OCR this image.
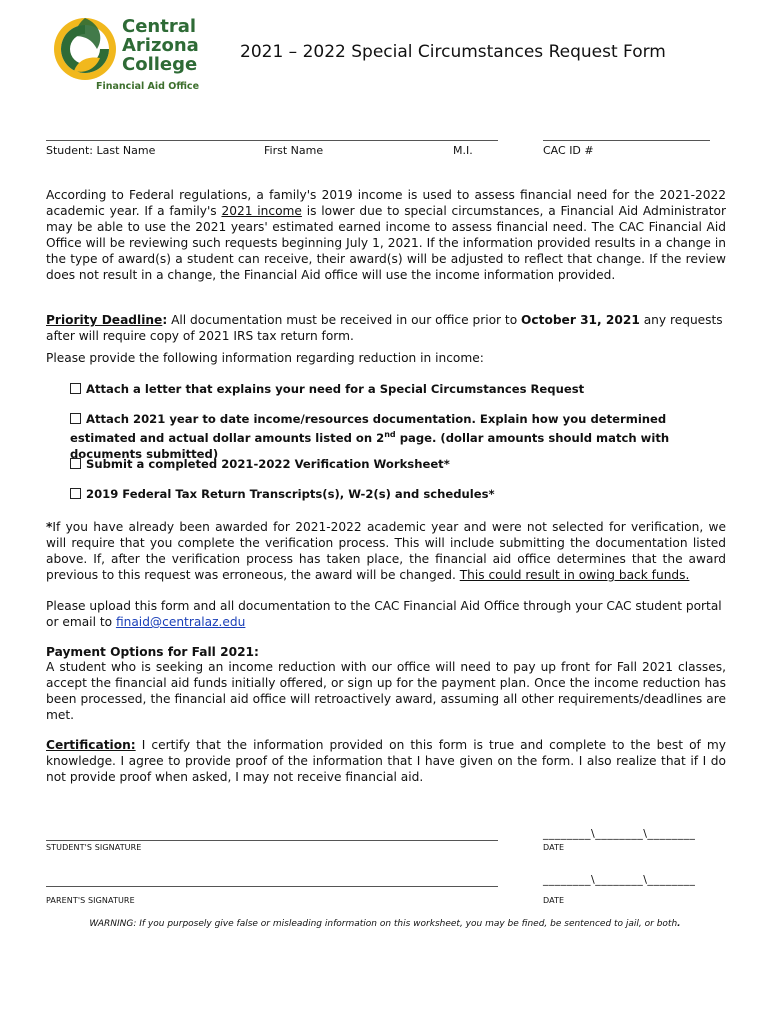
Central
Arizona
College
Financial Aid Office
2021 – 2022 Special Circumstances Request Form
Student: Last Name	First Name	M.I.	CAC ID #

According to Federal regulations, a family's 2019 income is used to assess financial need for the 2021-2022 academic year. If a family's 2021 income is lower due to special circumstances, a Financial Aid Administrator may be able to use the 2021 years' estimated earned income to assess financial need. The CAC Financial Aid Office will be reviewing such requests beginning July 1, 2021. If the information provided results in a change in the type of award(s) a student can receive, their award(s) will be adjusted to reflect that change. If the review does not result in a change, the Financial Aid office will use the income information provided.

Priority Deadline: All documentation must be received in our office prior to October 31, 2021 any requests after will require copy of 2021 IRS tax return form.

Please provide the following information regarding reduction in income:

Attach a letter that explains your need for a Special Circumstances Request
Attach 2021 year to date income/resources documentation. Explain how you determined estimated and actual dollar amounts listed on 2nd page. (dollar amounts should match with documents submitted)
Submit a completed 2021-2022 Verification Worksheet*
2019 Federal Tax Return Transcripts(s), W-2(s) and schedules*

*If you have already been awarded for 2021-2022 academic year and were not selected for verification, we will require that you complete the verification process. This will include submitting the documentation listed above. If, after the verification process has taken place, the financial aid office determines that the award previous to this request was erroneous, the award will be changed. This could result in owing back funds.

Please upload this form and all documentation to the CAC Financial Aid Office through your CAC student portal or email to finaid@centralaz.edu

Payment Options for Fall 2021:

A student who is seeking an income reduction with our office will need to pay up front for Fall 2021 classes, accept the financial aid funds initially offered, or sign up for the payment plan. Once the income reduction has been processed, the financial aid office will retroactively award, assuming all other requirements/deadlines are met.

Certification: I certify that the information provided on this form is true and complete to the best of my knowledge. I agree to provide proof of the information that I have given on the form. I also realize that if I do not provide proof when asked, I may not receive financial aid.

________\________\________
STUDENT'S SIGNATURE	DATE
________\________\________
PARENT'S SIGNATURE	DATE
WARNING: If you purposely give false or misleading information on this worksheet, you may be fined, be sentenced to jail, or both.
